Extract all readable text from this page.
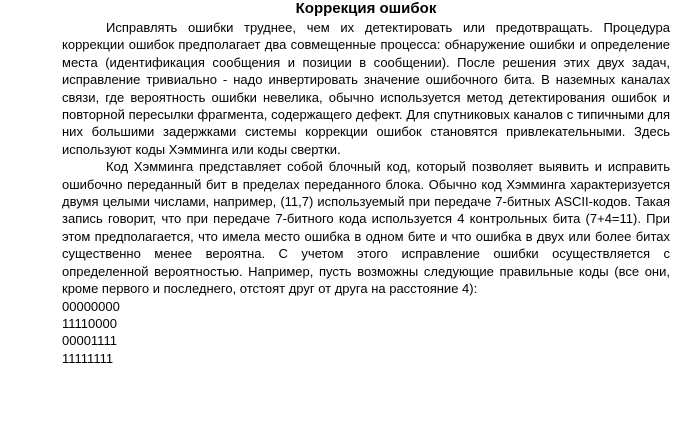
Коррекция ошибок

Исправлять ошибки труднее, чем их детектировать или предотвращать. Процедура коррекции ошибок предполагает два совмещенные процесса: обнаружение ошибки и определение места (идентификация сообщения и позиции в сообщении). После решения этих двух задач, исправление тривиально - надо инвертировать значение ошибочного бита. В наземных каналах связи, где вероятность ошибки невелика, обычно используется метод детектирования ошибок и повторной пересылки фрагмента, содержащего дефект. Для спутниковых каналов с типичными для них большими задержками системы коррекции ошибок становятся привлекательными. Здесь используют коды Хэмминга или коды свертки.

Код Хэмминга представляет собой блочный код, который позволяет выявить и исправить ошибочно переданный бит в пределах переданного блока. Обычно код Хэмминга характеризуется двумя целыми числами, например, (11,7) используемый при передаче 7-битных ASCII-кодов. Такая запись говорит, что при передаче 7-битного кода используется 4 контрольных бита (7+4=11). При этом предполагается, что имела место ошибка в одном бите и что ошибка в двух или более битах существенно менее вероятна. С учетом этого исправление ошибки осуществляется с определенной вероятностью. Например, пусть возможны следующие правильные коды (все они, кроме первого и последнего, отстоят друг от друга на расстояние 4):

00000000
11110000
00001111
11111111
